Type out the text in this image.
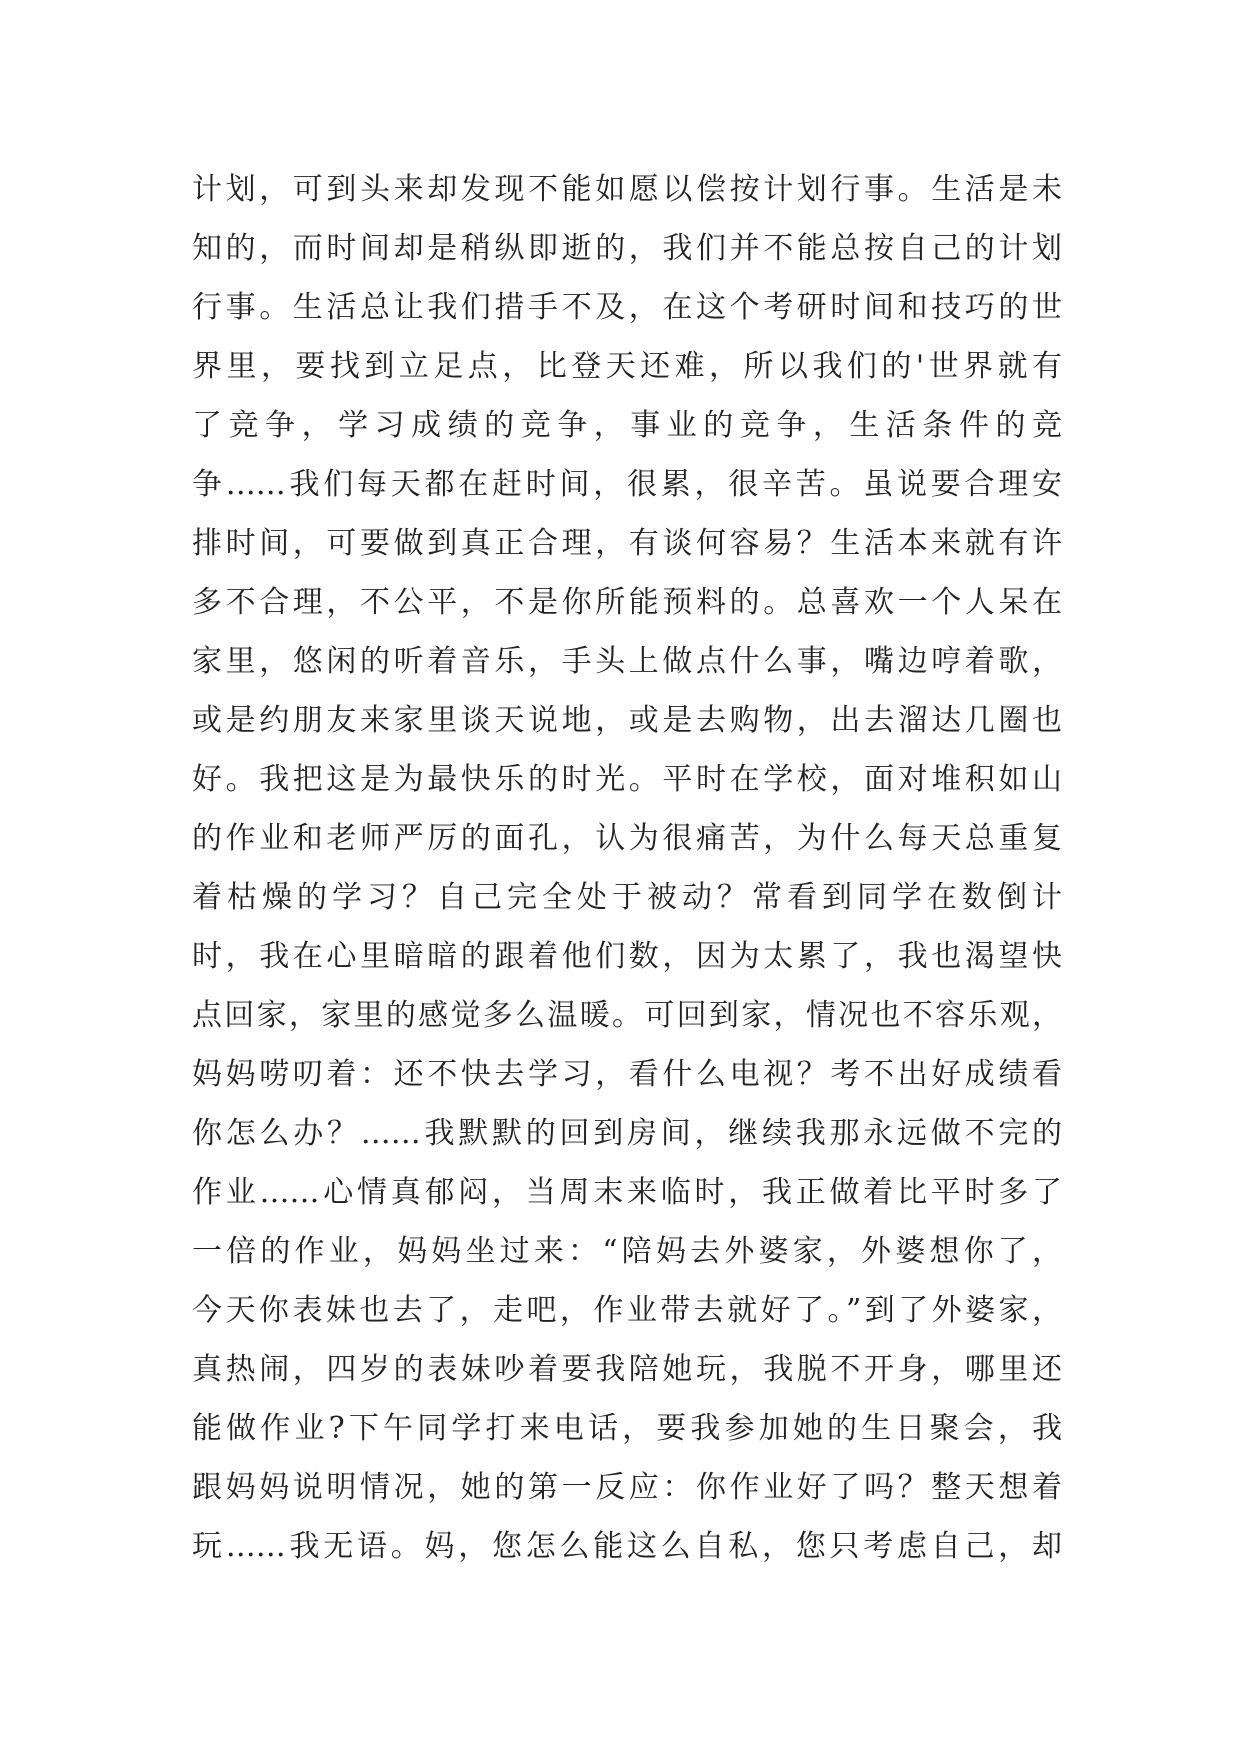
计划，可到头来却发现不能如愿以偿按计划行事。生活是未
知的，而时间却是稍纵即逝的，我们并不能总按自己的计划
行事。生活总让我们措手不及，在这个考研时间和技巧的世
界里，要找到立足点，比登天还难，所以我们的'世界就有
了竞争，学习成绩的竞争，事业的竞争，生活条件的竞
争……我们每天都在赶时间，很累，很辛苦。虽说要合理安
排时间，可要做到真正合理，有谈何容易？生活本来就有许
多不合理，不公平，不是你所能预料的。总喜欢一个人呆在
家里，悠闲的听着音乐，手头上做点什么事，嘴边哼着歌，
或是约朋友来家里谈天说地，或是去购物，出去溜达几圈也
好。我把这是为最快乐的时光。平时在学校，面对堆积如山
的作业和老师严厉的面孔，认为很痛苦，为什么每天总重复
着枯燥的学习？自己完全处于被动？常看到同学在数倒计
时，我在心里暗暗的跟着他们数，因为太累了，我也渴望快
点回家，家里的感觉多么温暖。可回到家，情况也不容乐观，
妈妈唠叨着：还不快去学习，看什么电视？考不出好成绩看
你怎么办？……我默默的回到房间，继续我那永远做不完的
作业……心情真郁闷，当周末来临时，我正做着比平时多了
一倍的作业，妈妈坐过来：“陪妈去外婆家，外婆想你了，
今天你表妹也去了，走吧，作业带去就好了。”到了外婆家，
真热闹，四岁的表妹吵着要我陪她玩，我脱不开身，哪里还
能做作业?下午同学打来电话，要我参加她的生日聚会，我
跟妈妈说明情况，她的第一反应：你作业好了吗？整天想着
玩……我无语。妈，您怎么能这么自私，您只考虑自己，却
